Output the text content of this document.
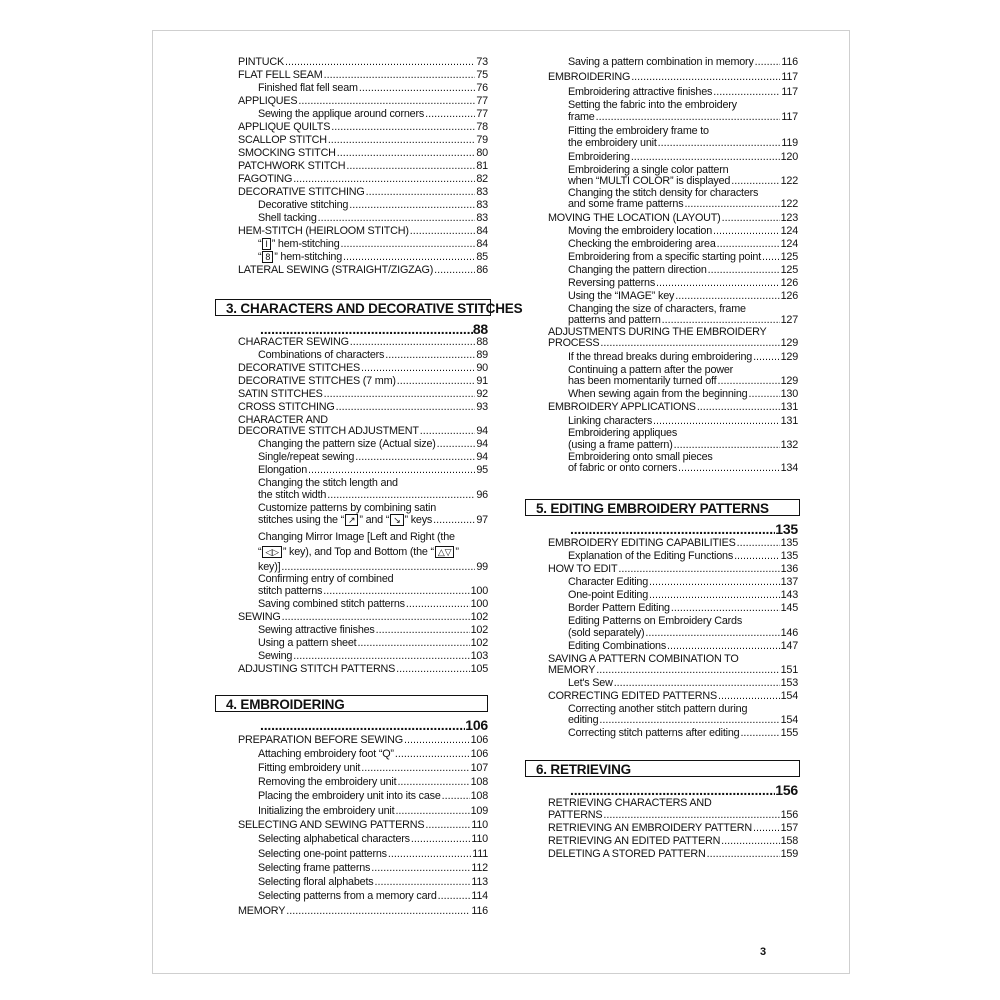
PINTUCK .....	73
FLAT FELL SEAM .....	75
Finished flat fell seam .....	76
APPLIQUES .....	77
Sewing the applique around corners .....	77
APPLIQUE QUILTS .....	78
SCALLOP STITCH .....	79
SMOCKING STITCH .....	80
PATCHWORK STITCH .....	81
FAGOTING .....	82
DECORATIVE STITCHING .....	83
Decorative stitching .....	83
Shell tacking .....	83
HEM-STITCH (HEIRLOOM STITCH) .....	84
“ I ” hem-stitching .....	84
“ 8 ” hem-stitching .....	85
LATERAL SEWING (STRAIGHT/ZIGZAG) .....	86
3. CHARACTERS AND DECORATIVE STITCHES
.....
88
CHARACTER SEWING .....	88
Combinations of characters .....	89
DECORATIVE STITCHES .....	90
DECORATIVE STITCHES (7 mm) .....	91
SATIN STITCHES .....	92
CROSS STITCHING .....	93
CHARACTER AND
DECORATIVE STITCH ADJUSTMENT .....	94
Changing the pattern size (Actual size) .....	94
Single/repeat sewing .....	94
Elongation .....	95
Changing the stitch length and
the stitch width .....	96
Customize patterns by combining satin
stitches using the “ ↗ ” and “ ↘ ” keys .....	97
Changing Mirror Image [Left and Right (the
“ ◁▷ ” key), and Top and Bottom (the “ △▽ ”
key)] .....	99
Confirming entry of combined
stitch patterns .....	100
Saving combined stitch patterns .....	100
SEWING .....	102
Sewing attractive finishes .....	102
Using a pattern sheet .....	102
Sewing .....	103
ADJUSTING STITCH PATTERNS .....	105
4. EMBROIDERING
.....
106
PREPARATION BEFORE SEWING .....	106
Attaching embroidery foot “Q” .....	106
Fitting embroidery unit .....	107
Removing the embroidery unit .....	108
Placing the embroidery unit into its case .....	108
Initializing the embroidery unit .....	109
SELECTING AND SEWING PATTERNS .....	110
Selecting alphabetical characters .....	110
Selecting one-point patterns .....	111
Selecting frame patterns .....	112
Selecting floral alphabets .....	113
Selecting patterns from a memory card .....	114
MEMORY .....	116
Saving a pattern combination in memory .....	116
EMBROIDERING .....	117
Embroidering attractive finishes .....	117
Setting the fabric into the embroidery
frame .....	117
Fitting the embroidery frame to
the embroidery unit .....	119
Embroidering .....	120
Embroidering a single color pattern
when “MULTI COLOR” is displayed .....	122
Changing the stitch density for characters
and some frame patterns .....	122
MOVING THE LOCATION (LAYOUT) .....	123
Moving the embroidery location .....	124
Checking the embroidering area .....	124
Embroidering from a specific starting point ..... 125
Changing the pattern direction .....	125
Reversing patterns .....	126
Using the “IMAGE” key .....	126
Changing the size of characters, frame
patterns and pattern .....	127
ADJUSTMENTS DURING THE EMBROIDERY
PROCESS .....	129
If the thread breaks during embroidering .....	129
Continuing a pattern after the power
has been momentarily turned off .....	129
When sewing again from the beginning .....	130
EMBROIDERY APPLICATIONS .....	131
Linking characters .....	131
Embroidering appliques
(using a frame pattern) .....	132
Embroidering onto small pieces
of fabric or onto corners .....	134
5. EDITING EMBROIDERY PATTERNS
.....
135
EMBROIDERY EDITING CAPABILITIES .....	135
Explanation of the Editing Functions .....	135
HOW TO EDIT .....	136
Character Editing .....	137
One-point Editing .....	143
Border Pattern Editing .....	145
Editing Patterns on Embroidery Cards
(sold separately) .....	146
Editing Combinations .....	147
SAVING A PATTERN COMBINATION TO
MEMORY .....	151
Let's Sew .....	153
CORRECTING EDITED PATTERNS .....	154
Correcting another stitch pattern during
editing .....	154
Correcting stitch patterns after editing .....	155
6. RETRIEVING
.....
156
RETRIEVING CHARACTERS AND
PATTERNS .....	156
RETRIEVING AN EMBROIDERY PATTERN .....	157
RETRIEVING AN EDITED PATTERN .....	158
DELETING A STORED PATTERN .....	159
3
